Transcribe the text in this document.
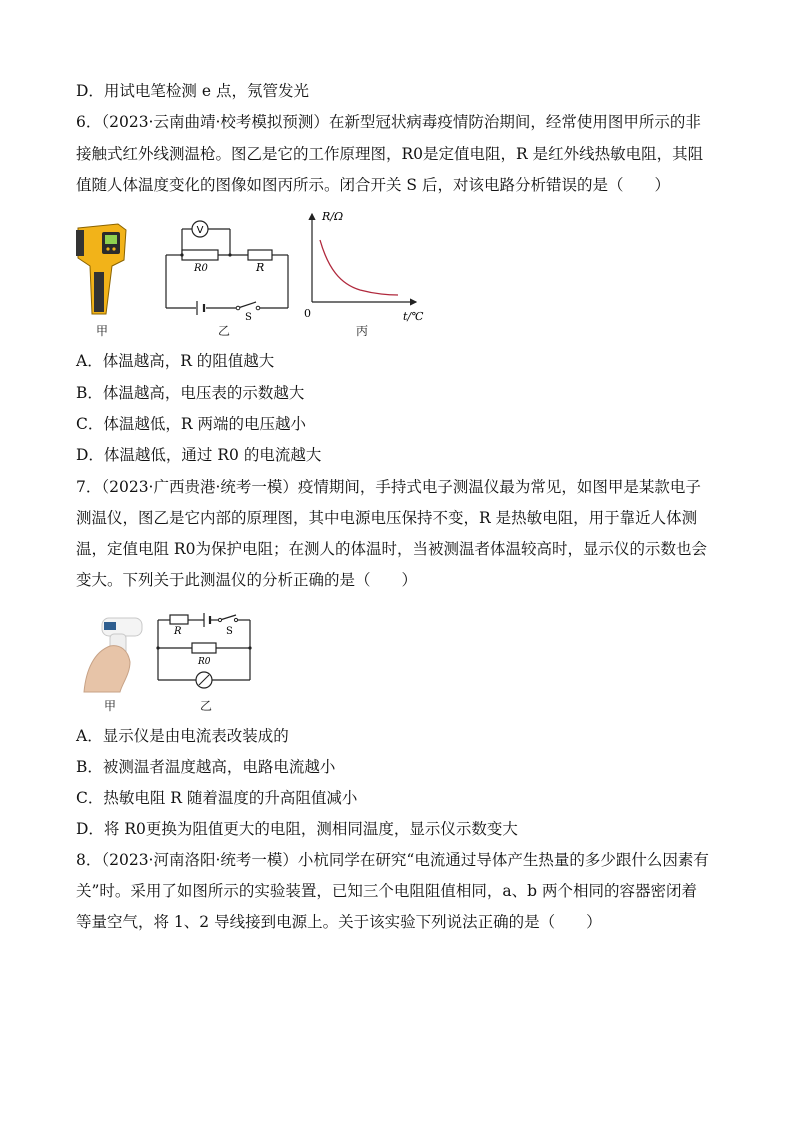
D．用试电笔检测 e 点，氖管发光
6．（2023·云南曲靖·校考模拟预测）在新型冠状病毒疫情防治期间，经常使用图甲所示的非
接触式红外线测温枪。图乙是它的工作原理图，R0是定值电阻，R 是红外线热敏电阻，其阻
值随人体温度变化的图像如图丙所示。闭合开关 S 后，对该电路分析错误的是（　　）
甲
V
R0	R
S
乙
R/Ω
0	t/℃
丙
A．体温越高，R 的阻值越大
B．体温越高，电压表的示数越大
C．体温越低，R 两端的电压越小
D．体温越低，通过 R0 的电流越大
7．（2023·广西贵港·统考一模）疫情期间，手持式电子测温仪最为常见，如图甲是某款电子
测温仪，图乙是它内部的原理图，其中电源电压保持不变，R 是热敏电阻，用于靠近人体测
温，定值电阻 R0为保护电阻；在测人的体温时，当被测温者体温较高时，显示仪的示数也会
变大。下列关于此测温仪的分析正确的是（　　）
甲
R	S
R0
乙
A．显示仪是由电流表改装成的
B．被测温者温度越高，电路电流越小
C．热敏电阻 R 随着温度的升高阻值减小
D．将 R0更换为阻值更大的电阻，测相同温度，显示仪示数变大
8．（2023·河南洛阳·统考一模）小杭同学在研究“电流通过导体产生热量的多少跟什么因素有
关”时。采用了如图所示的实验装置，已知三个电阻阻值相同，a、b 两个相同的容器密闭着
等量空气，将 1、2 导线接到电源上。关于该实验下列说法正确的是（　　）
